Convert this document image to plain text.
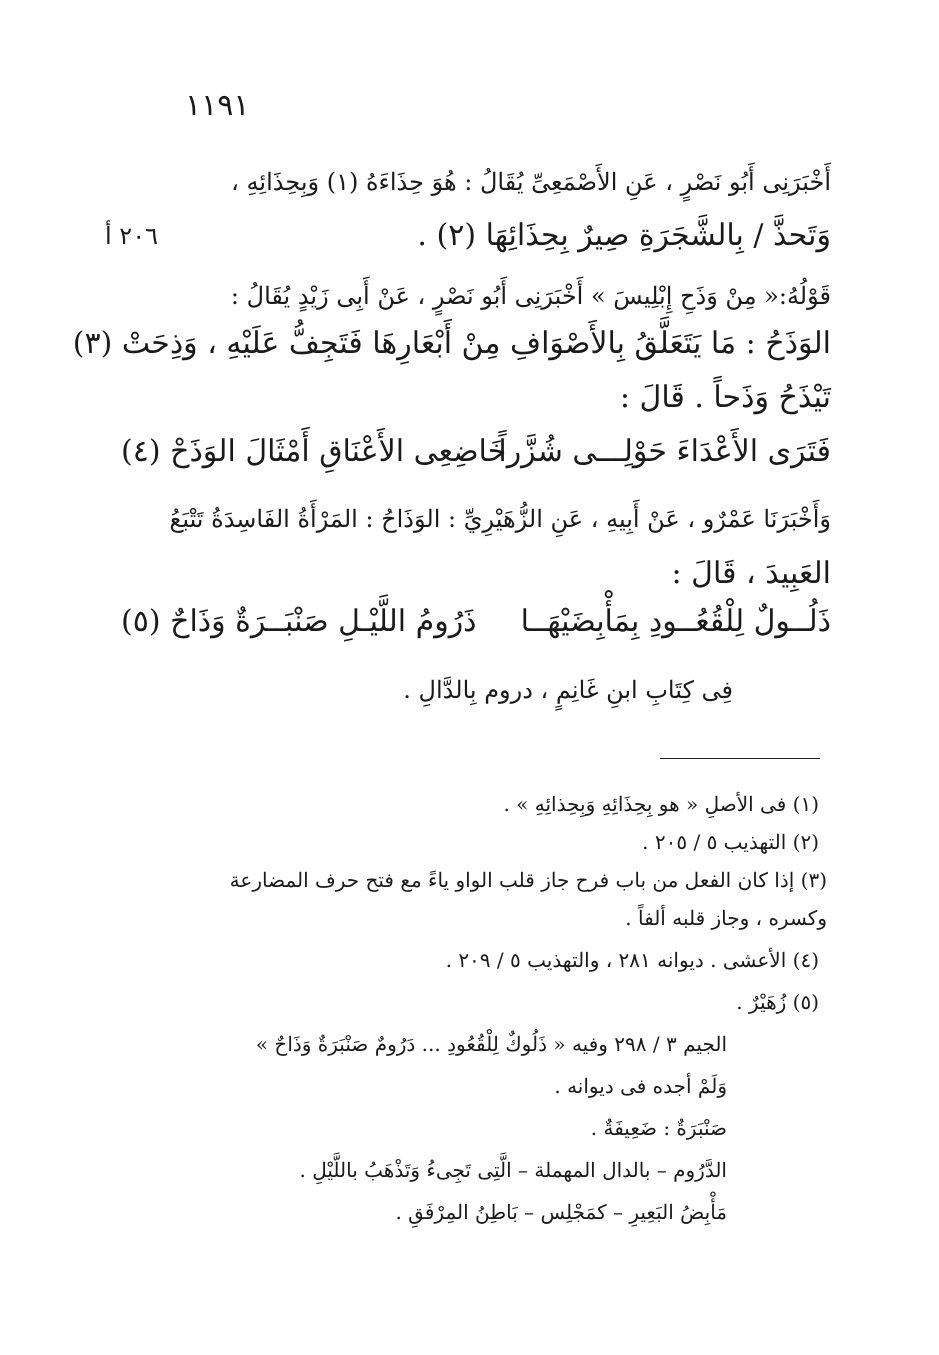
١١٩١
٢٠٦ أ
أَخْبَرَنِى أَبُو نَصْرٍ ، عَنِ الأَصْمَعِىِّ يُقَالُ : هُوَ حِذَاءَهُ (١) وَبِحِذَائِهِ ،
وَتَحذَّ / بِالشَّجَرَةِ صِيرٌ بِحِذَائِهَا (٢) .
قَوْلُهُ:« مِنْ وَذَحِ إِبْلِيسَ » أَخْبَرَنِى أَبُو نَصْرٍ ، عَنْ أَبِى زَيْدٍ يُقَالُ :
الوَذَحُ : مَا يَتَعَلَّقُ بِالأَصْوَافِ مِنْ أَبْعَارِهَا فَتَجِفُّ عَلَيْهِ ، وَذِحَتْ (٣)
تَيْذَحُ وَذَحاً . قَالَ :
فَتَرَى الأَعْدَاءَ حَوْلِـــى شُزَّراً
خَاضِعِى الأَعْنَاقِ أَمْثَالَ الوَذَحْ (٤)
وَأَخْبَرَنَا عَمْرٌو ، عَنْ أَبِيهِ ، عَنِ الزُّهَيْرِيِّ : الوَذَاحُ : المَرْأَةُ الفَاسِدَةُ تَتْبَعُ
العَبِيدَ ، قَالَ :
ذَلُــولٌ لِلْقُعُــودِ بِمَأْبِضَيْهَــا
ذَرُومُ اللَّيْـلِ صَنْبَــرَةٌ وَذَاحٌ (٥)
فِى كِتَابِ ابنِ غَانِمٍ ، دروم بِالدَّالِ .
(١) فى الأصلِ « هو بِحِذَائِهِ وَبِحِذائِهِ » .
(٢) التهذيب ٥ / ٢٠٥ .
(٣) إذا كان الفعل من باب فرح جاز قلب الواو ياءً مع فتح حرف المضارعة
وكسره ، وجاز قلبه ألفاً .
(٤) الأعشى . ديوانه ٢٨١ ، والتهذيب ٥ / ٢٠٩ .
(٥) زُهَيْرٌ .
الجيم ٣ / ٢٩٨ وفيه « ذَلُوكٌ لِلْقُعُودِ ... دَرُومٌ صَنْبَرَةٌ وَذَاحٌ »
وَلَمْ أجده فى ديوانه .
صَنْبَرَةٌ : ضَعِيفَةٌ .
الدَّرُوم – بالدال المهملة – الَّتِى تَجِىءُ وَتَذْهَبُ باللَّيْلِ .
مَأْبِضُ البَعِيرِ – كمَجْلِس – بَاطِنُ المِرْفَقِ .
